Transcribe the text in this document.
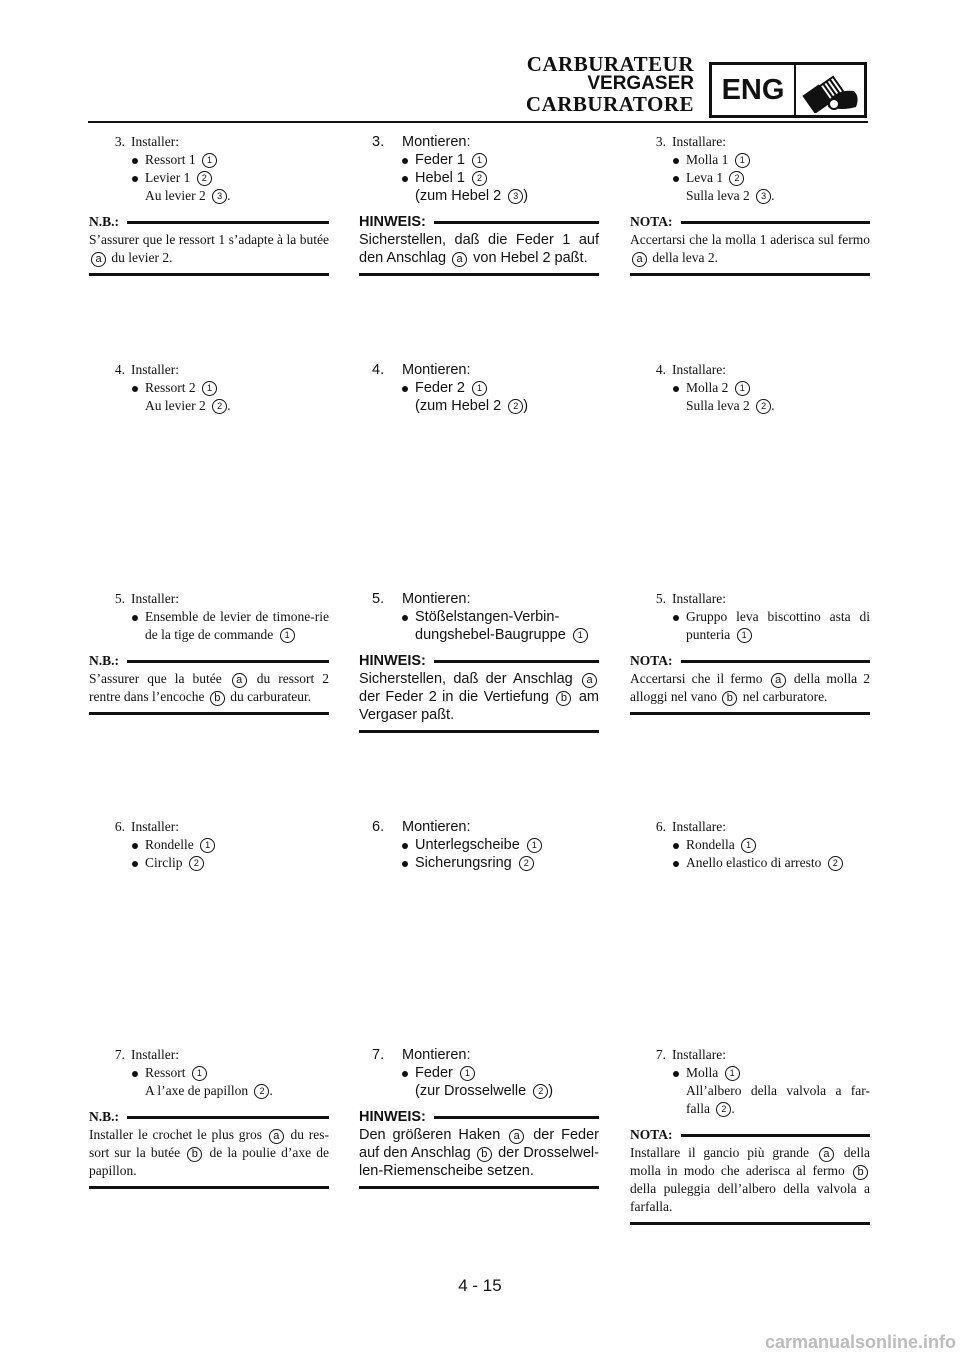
CARBURATEUR
VERGASER
CARBURATORE ENG
3. Installer:
Ressort 1 1
Levier 1 2
Au levier 2 3 .
N.B.:
S’assurer que le ressort 1 s’adapte à la butée a du levier 2.
4. Installer:
Ressort 2 1
Au levier 2 2 .
5. Installer:
Ensemble de levier de timone-rie de la tige de commande 1
N.B.:
S’assurer que la butée a du ressort 2 rentre dans l’encoche b du carburateur.
6. Installer:
Rondelle 1
Circlip 2
7. Installer:
Ressort 1
A l’axe de papillon 2 .
N.B.:
Installer le crochet le plus gros a du res-sort sur la butée b de la poulie d’axe de papillon.
3.	Montieren:
Feder 1 1
Hebel 1 2
(zum Hebel 2 3 )
HINWEIS:
Sicherstellen, daß die Feder 1 auf den Anschlag a von Hebel 2 paßt.
4.	Montieren:
Feder 2 1
(zum Hebel 2 2 )
5.	Montieren:
Stößelstangen-Verbin-dungshebel-Baugruppe 1
HINWEIS:
Sicherstellen, daß der Anschlag a der Feder 2 in die Vertiefung b am Vergaser paßt.
6.	Montieren:
Unterlegscheibe 1
Sicherungsring 2
7.	Montieren:
Feder 1
(zur Drosselwelle 2 )
HINWEIS:
Den größeren Haken a der Feder auf den Anschlag b der Drosselwel-len-Riemenscheibe setzen.
3. Installare:
Molla 1 1
Leva 1 2
Sulla leva 2 3 .
NOTA:
Accertarsi che la molla 1 aderisca sul fermo a della leva 2.
4. Installare:
Molla 2 1
Sulla leva 2 2 .
5. Installare:
Gruppo leva biscottino asta di punteria 1
NOTA:
Accertarsi che il fermo a della molla 2 alloggi nel vano b nel carburatore.
6. Installare:
Rondella 1
Anello elastico di arresto 2
7. Installare:
Molla 1
All’albero della valvola a far-falla 2 .
NOTA:
Installare il gancio più grande a della molla in modo che aderisca al fermo b della puleggia dell’albero della valvola a farfalla.
4 - 15
carmanualsonline.info
